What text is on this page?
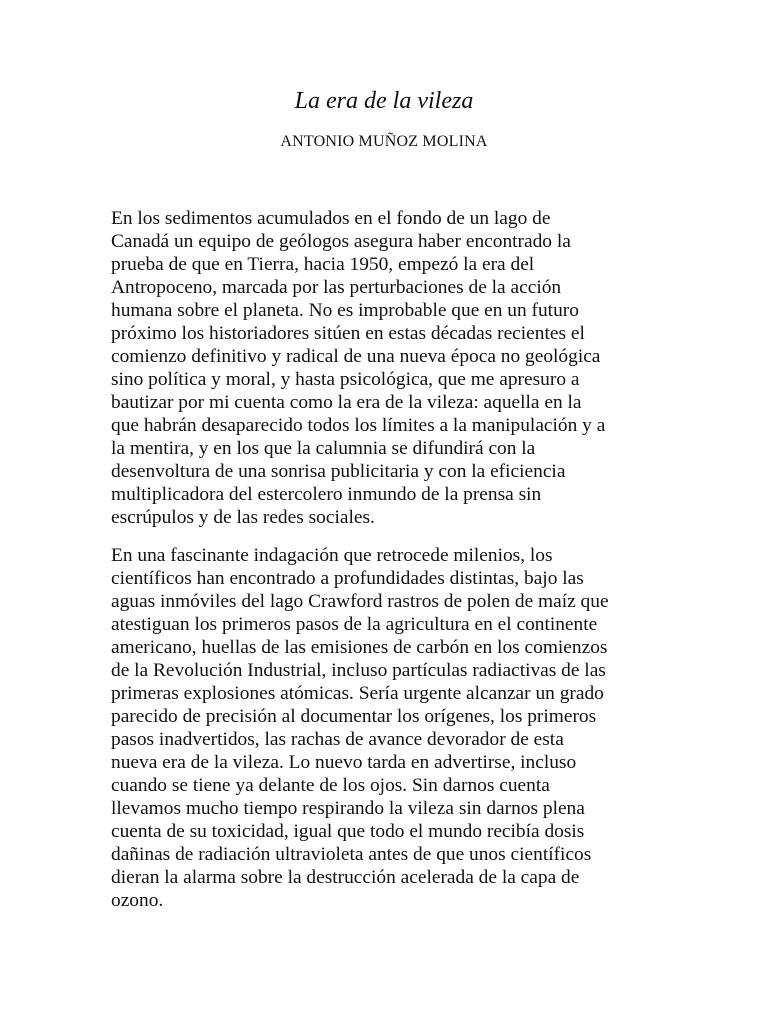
La era de la vileza
ANTONIO MUÑOZ MOLINA

En los sedimentos acumulados en el fondo de un lago de
Canadá un equipo de geólogos asegura haber encontrado la
prueba de que en Tierra, hacia 1950, empezó la era del
Antropoceno, marcada por las perturbaciones de la acción
humana sobre el planeta. No es improbable que en un futuro
próximo los historiadores sitúen en estas décadas recientes el
comienzo definitivo y radical de una nueva época no geológica
sino política y moral, y hasta psicológica, que me apresuro a
bautizar por mi cuenta como la era de la vileza: aquella en la
que habrán desaparecido todos los límites a la manipulación y a
la mentira, y en los que la calumnia se difundirá con la
desenvoltura de una sonrisa publicitaria y con la eficiencia
multiplicadora del estercolero inmundo de la prensa sin
escrúpulos y de las redes sociales.

En una fascinante indagación que retrocede milenios, los
científicos han encontrado a profundidades distintas, bajo las
aguas inmóviles del lago Crawford rastros de polen de maíz que
atestiguan los primeros pasos de la agricultura en el continente
americano, huellas de las emisiones de carbón en los comienzos
de la Revolución Industrial, incluso partículas radiactivas de las
primeras explosiones atómicas. Sería urgente alcanzar un grado
parecido de precisión al documentar los orígenes, los primeros
pasos inadvertidos, las rachas de avance devorador de esta
nueva era de la vileza. Lo nuevo tarda en advertirse, incluso
cuando se tiene ya delante de los ojos. Sin darnos cuenta
llevamos mucho tiempo respirando la vileza sin darnos plena
cuenta de su toxicidad, igual que todo el mundo recibía dosis
dañinas de radiación ultravioleta antes de que unos científicos
dieran la alarma sobre la destrucción acelerada de la capa de
ozono.
